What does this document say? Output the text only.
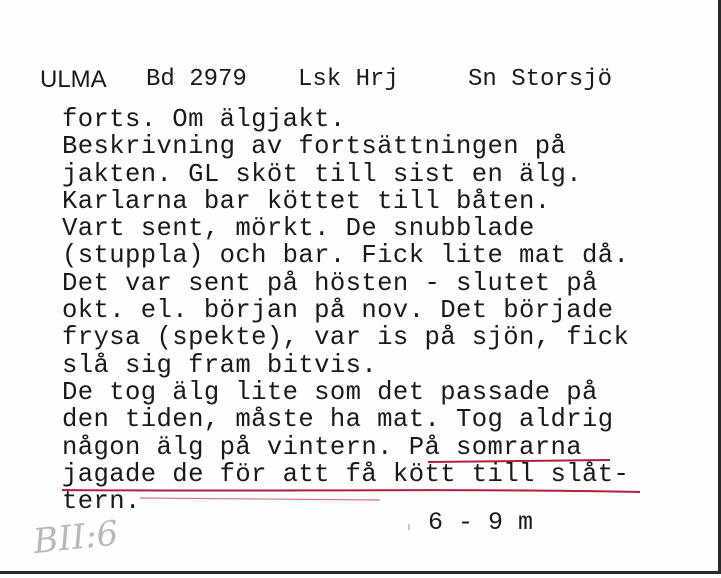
ULMA Bd 2979 Lsk Hrj	Sn Storsjö
forts. Om älgjakt.
Beskrivning av fortsättningen på
jakten. GL sköt till sist en älg.
Karlarna bar köttet till båten.
Vart sent, mörkt. De snubblade
(stuppla) och bar. Fick lite mat då.
Det var sent på hösten - slutet på
okt. el. början på nov. Det började
frysa (spekte), var is på sjön, fick
slå sig fram bitvis.
De tog älg lite som det passade på
den tiden, måste ha mat. Tog aldrig
någon älg på vintern. På somrarna
jagade de för att få kött till slåt-
tern.
6 - 9 m
BII:6
